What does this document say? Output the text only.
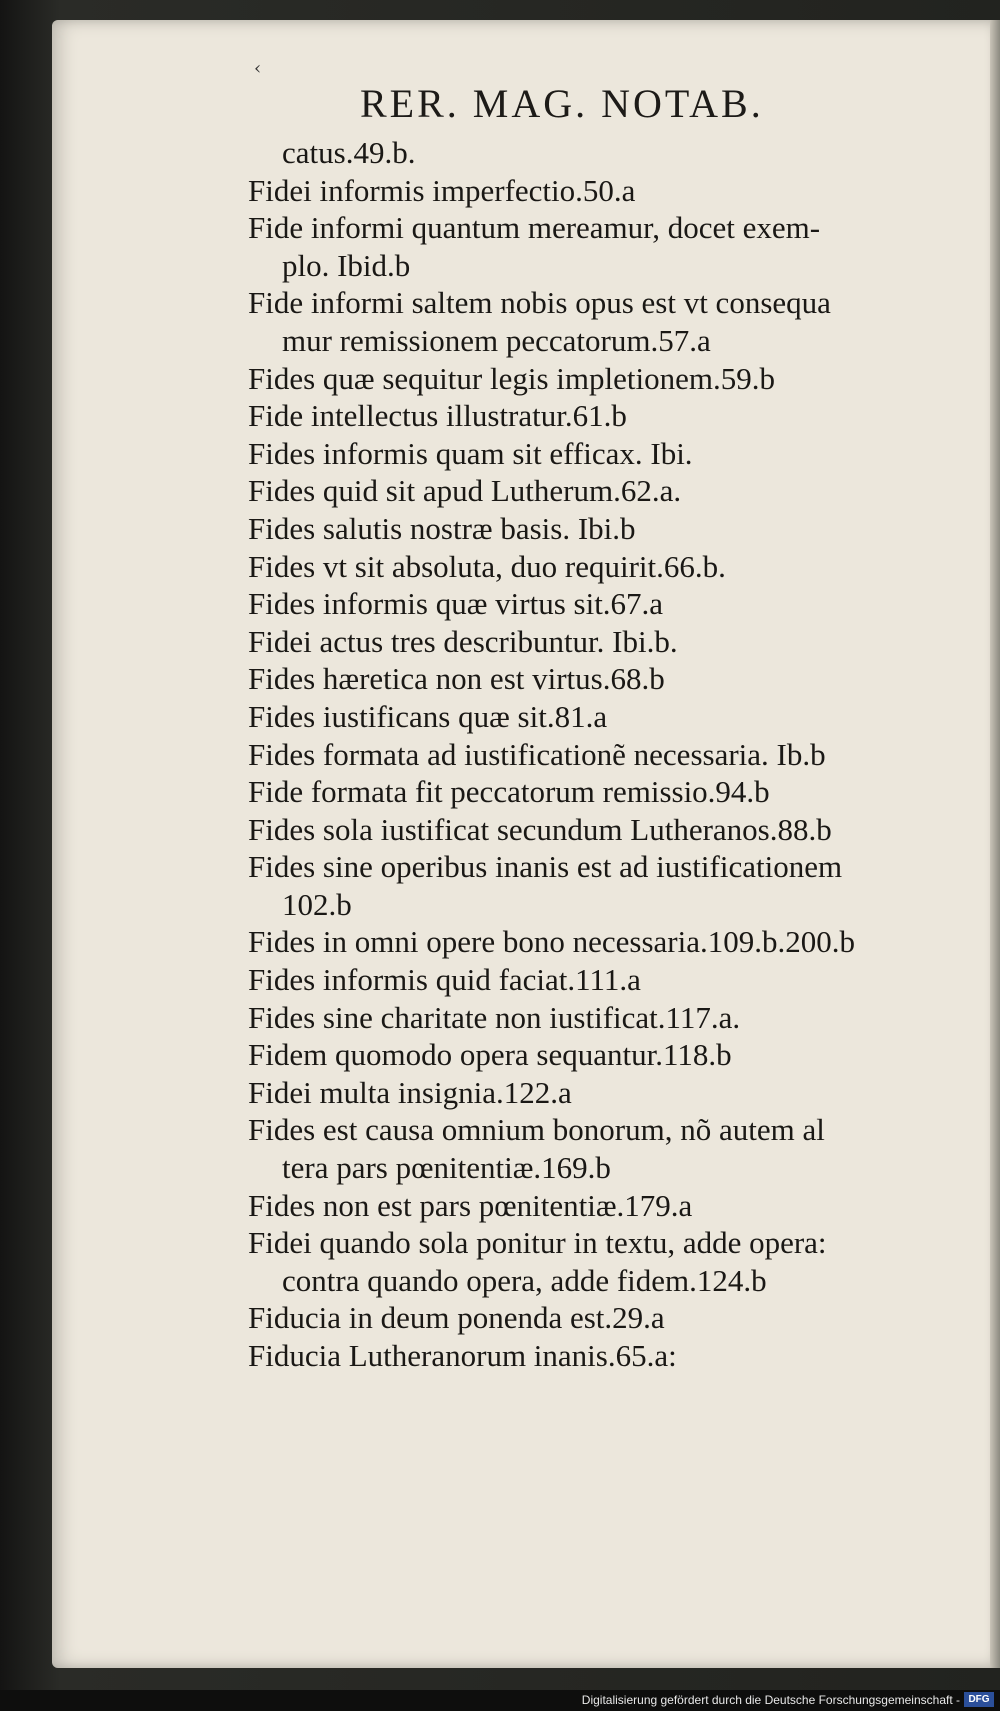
‹
RER. MAG. NOTAB.
catus.49.b.
Fidei informis imperfectio.50.a
Fide informi quantum mereamur, docet exem-
plo. Ibid.b
Fide informi saltem nobis opus est vt consequa
mur remissionem peccatorum.57.a
Fides quæ sequitur legis impletionem.59.b
Fide intellectus illustratur.61.b
Fides informis quam sit efficax. Ibi.
Fides quid sit apud Lutherum.62.a.
Fides salutis nostræ basis. Ibi.b
Fides vt sit absoluta, duo requirit.66.b.
Fides informis quæ virtus sit.67.a
Fidei actus tres describuntur. Ibi.b.
Fides hæretica non est virtus.68.b
Fides iustificans quæ sit.81.a
Fides formata ad iustificationẽ necessaria. Ib.b
Fide formata fit peccatorum remissio.94.b
Fides sola iustificat secundum Lutheranos.88.b
Fides sine operibus inanis est ad iustificationem
102.b
Fides in omni opere bono necessaria.109.b.200.b
Fides informis quid faciat.111.a
Fides sine charitate non iustificat.117.a.
Fidem quomodo opera sequantur.118.b
Fidei multa insignia.122.a
Fides est causa omnium bonorum, nõ autem al
tera pars pœnitentiæ.169.b
Fides non est pars pœnitentiæ.179.a
Fidei quando sola ponitur in textu, adde opera:
contra quando opera, adde fidem.124.b
Fiducia in deum ponenda est.29.a
Fiducia Lutheranorum inanis.65.a:
Digitalisierung gefördert durch die Deutsche Forschungsgemeinschaft - DFG
